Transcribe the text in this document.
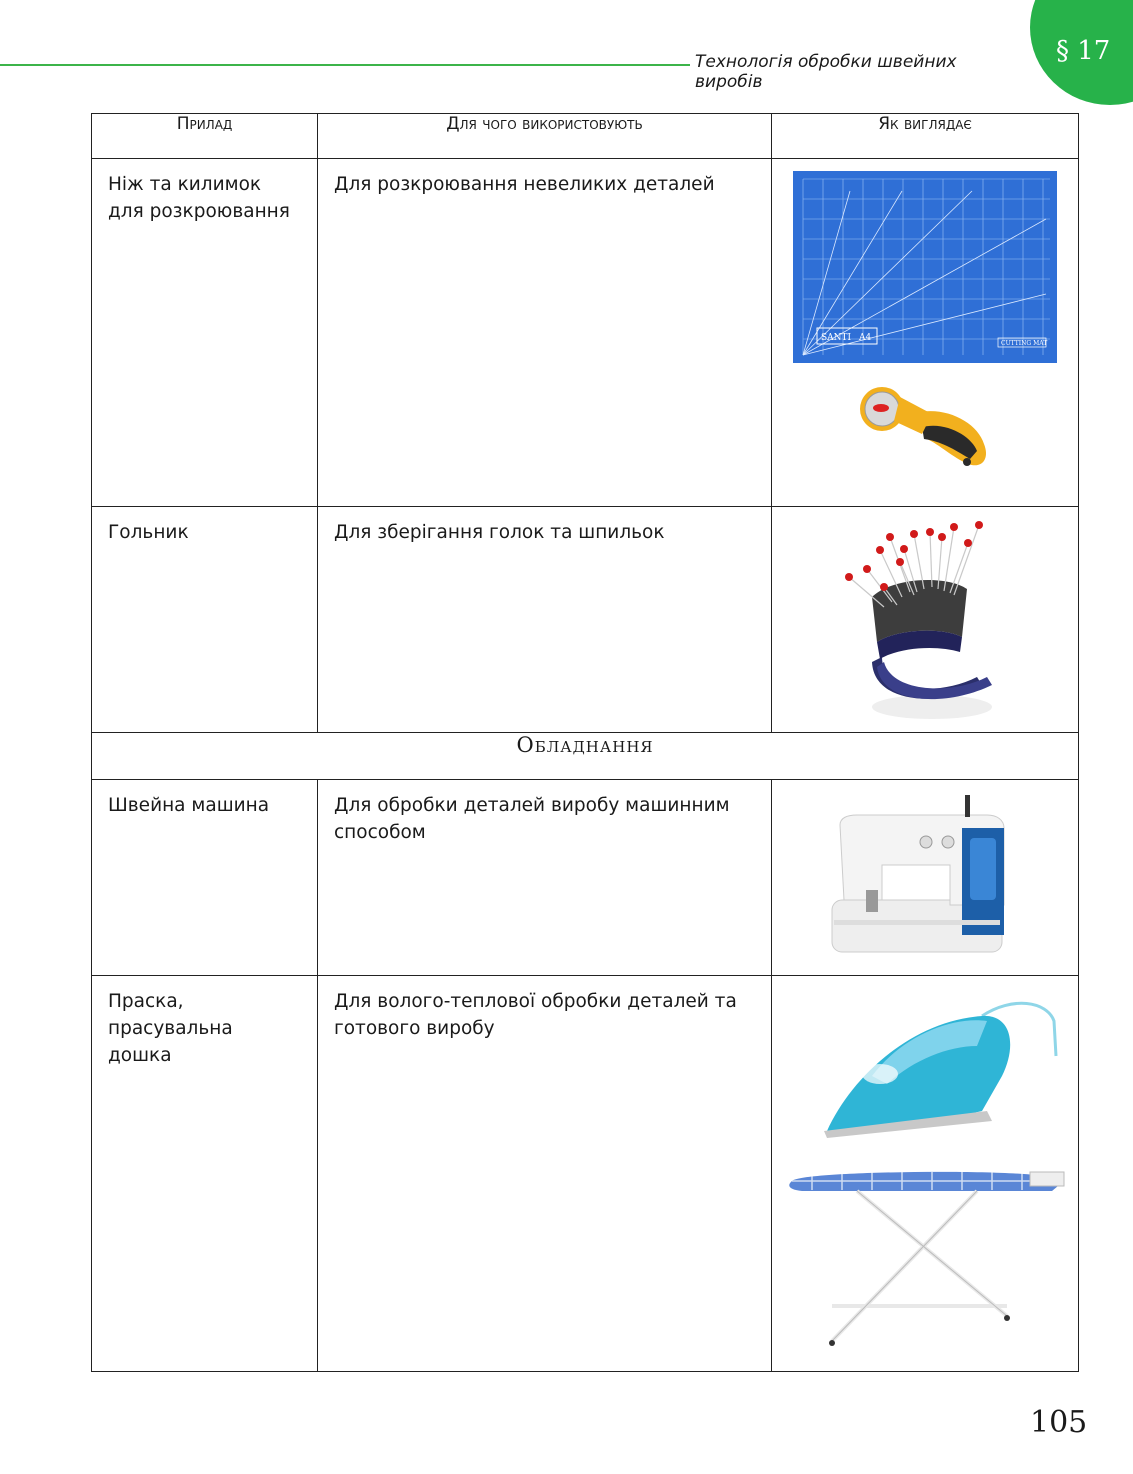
Технологія обробки швейних виробів
§ 17
Прилад	Для чого використовують	Як виглядає

Ніж та килимок для розкроювання	Для розкроювання невеликих деталей	SANTI A4
CUTTING MAT

Гольник	Для зберігання голок та шпильок

Обладнання		

Швейна машина	Для обробки деталей виробу машинним способом

Праска, прасувальна дошка	Для волого-теплової обробки деталей та готового виробу

105
